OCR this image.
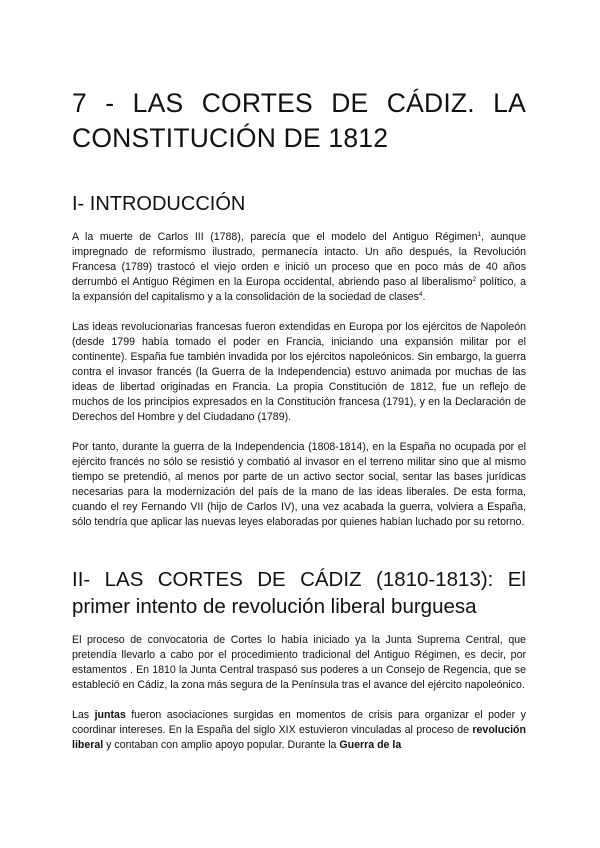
7 - LAS CORTES DE CÁDIZ. LA CONSTITUCIÓN DE 1812
I- INTRODUCCIÓN

A la muerte de Carlos III (1788), parecía que el modelo del Antiguo Régimen$^1$, aunque impregnado de reformismo ilustrado, permanecía intacto. Un año después, la Revolución Francesa (1789) trastocó el viejo orden e inició un proceso que en poco más de 40 años derrumbó el Antiguo Régimen en la Europa occidental, abriendo paso al liberalismo$^2$ político, a la expansión del capitalismo y a la consolidación de la sociedad de clases$^4$.

Las ideas revolucionarias francesas fueron extendidas en Europa por los ejércitos de Napoleón (desde 1799 había tomado el poder en Francia, iniciando una expansión militar por el continente). España fue también invadida por los ejércitos napoleónicos. Sin embargo, la guerra contra el invasor francés (la Guerra de la Independencia) estuvo animada por muchas de las ideas de libertad originadas en Francia. La propia Constitución de 1812, fue un reflejo de muchos de los principios expresados en la Constitución francesa (1791), y en la Declaración de Derechos del Hombre y del Ciudadano (1789).

Por tanto, durante la guerra de la Independencia (1808-1814), en la España no ocupada por el ejército francés no sólo se resistió y combatió al invasor en el terreno militar sino que al mismo tiempo se pretendió, al menos por parte de un activo sector social, sentar las bases jurídicas necesarias para la modernización del país de la mano de las ideas liberales. De esta forma, cuando el rey Fernando VII (hijo de Carlos IV), una vez acabada la guerra, volviera a España, sólo tendría que aplicar las nuevas leyes elaboradas por quienes habían luchado por su retorno.

II- LAS CORTES DE CÁDIZ (1810-1813): El primer intento de revolución liberal burguesa

El proceso de convocatoria de Cortes lo había iniciado ya la Junta Suprema Central, que pretendía llevarlo a cabo por el procedimiento tradicional del Antiguo Régimen, es decir, por estamentos . En 1810 la Junta Central traspasó sus poderes a un Consejo de Regencia, que se estableció en Cádiz, la zona más segura de la Península tras el avance del ejército napoleónico.

Las juntas fueron asociaciones surgidas en momentos de crisis para organizar el poder y coordinar intereses. En la España del siglo XIX estuvieron vinculadas al proceso de revolución liberal y contaban con amplio apoyo popular. Durante la Guerra de la
